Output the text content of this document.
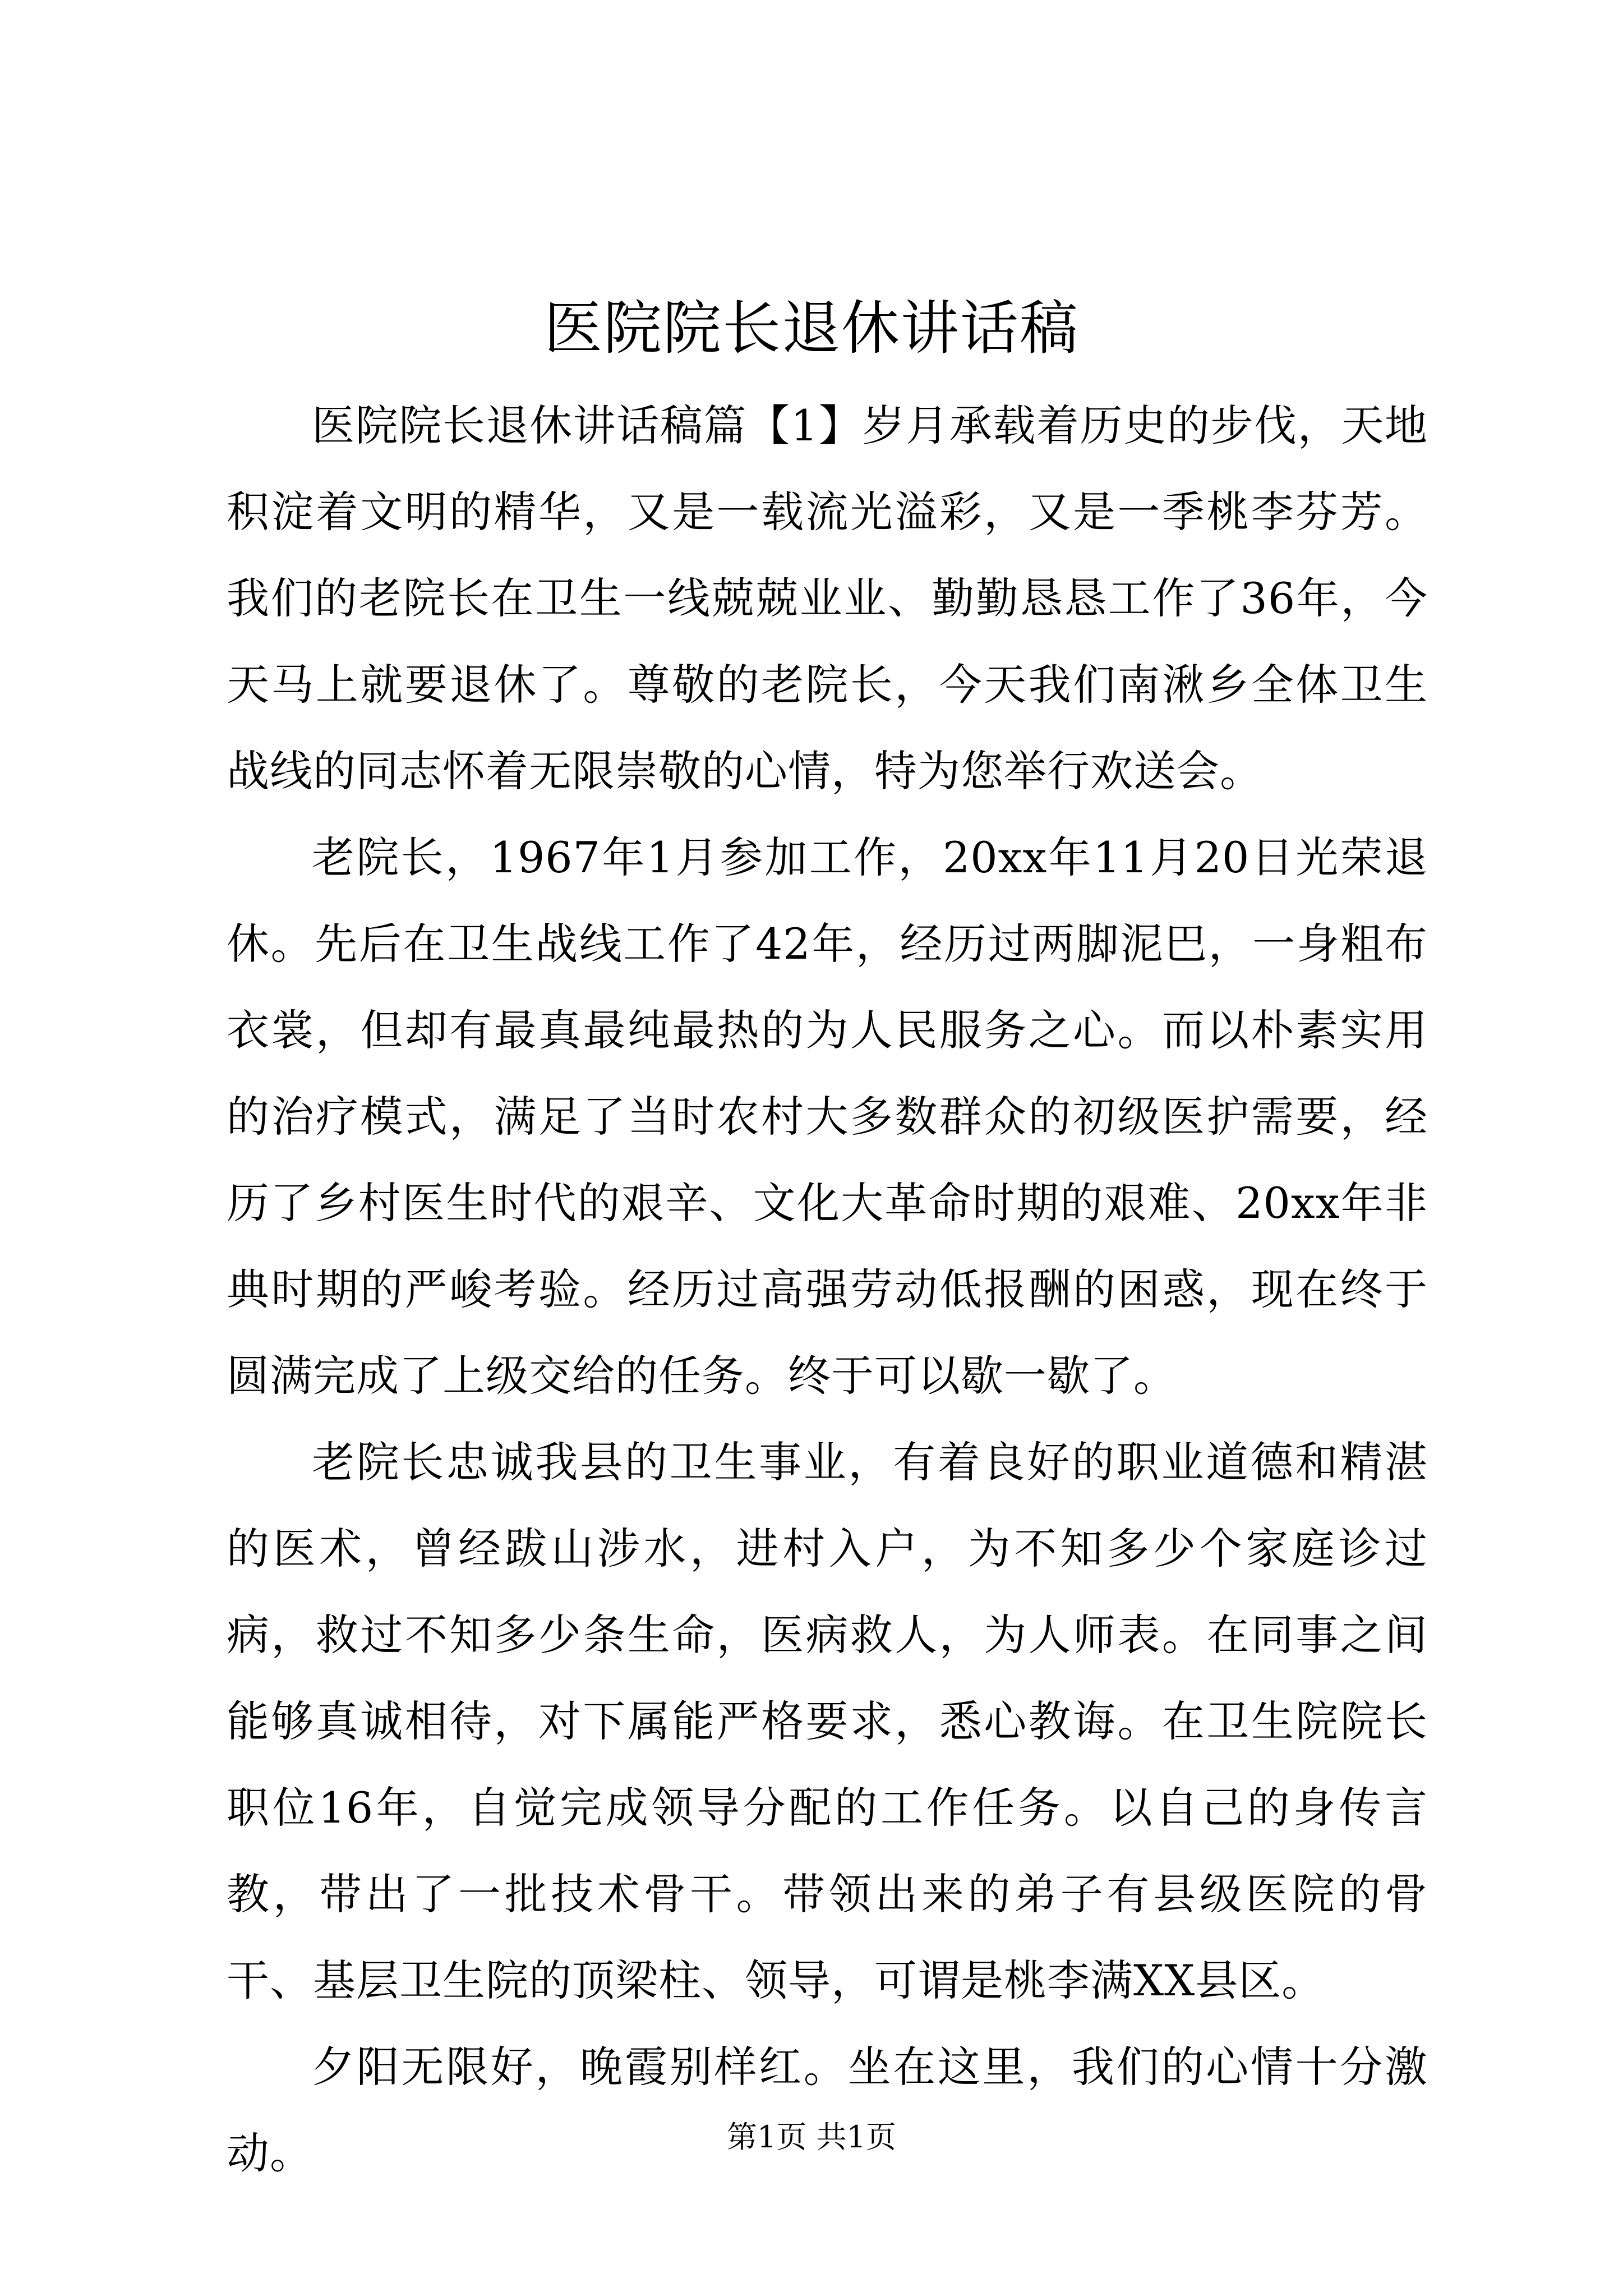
医院院长退休讲话稿

医院院长退休讲话稿篇【1】岁月承载着历史的步伐，天地积淀着文明的精华，又是一载流光溢彩，又是一季桃李芬芳。我们的老院长在卫生一线兢兢业业、勤勤恳恳工作了36年，今天马上就要退休了。尊敬的老院长，今天我们南湫乡全体卫生战线的同志怀着无限崇敬的心情，特为您举行欢送会。

老院长，1967年1月参加工作，20xx年11月20日光荣退休。先后在卫生战线工作了42年，经历过两脚泥巴，一身粗布衣裳，但却有最真最纯最热的为人民服务之心。而以朴素实用的治疗模式，满足了当时农村大多数群众的初级医护需要，经历了乡村医生时代的艰辛、文化大革命时期的艰难、20xx年非典时期的严峻考验。经历过高强劳动低报酬的困惑，现在终于圆满完成了上级交给的任务。终于可以歇一歇了。

老院长忠诚我县的卫生事业，有着良好的职业道德和精湛的医术，曾经跋山涉水，进村入户，为不知多少个家庭诊过病，救过不知多少条生命，医病救人，为人师表。在同事之间能够真诚相待，对下属能严格要求，悉心教诲。在卫生院院长职位16年，自觉完成领导分配的工作任务。以自己的身传言教，带出了一批技术骨干。带领出来的弟子有县级医院的骨干、基层卫生院的顶梁柱、领导，可谓是桃李满XX县区。

夕阳无限好，晚霞别样红。坐在这里，我们的心情十分激动。	第1页 共1页
